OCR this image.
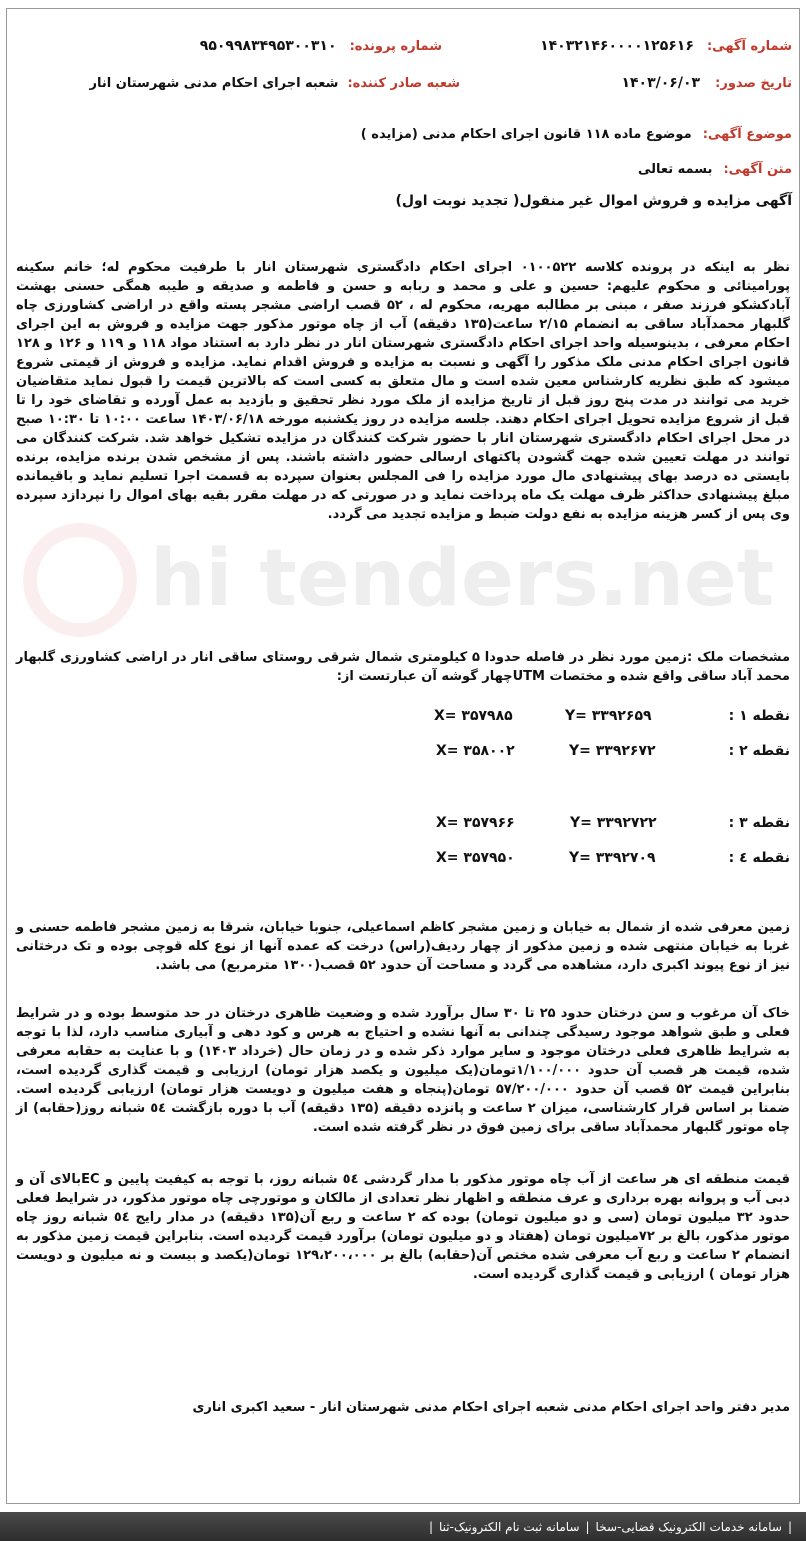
شماره آگهی: ۱۴۰۳۲۱۴۶۰۰۰۰۱۲۵۶۱۶
شماره پرونده: ۹۵۰۹۹۸۳۴۹۵۳۰۰۳۱۰
تاریخ صدور: ۱۴۰۳/۰۶/۰۳
شعبه صادر کننده: شعبه اجرای احکام مدنی شهرستان انار
موضوع آگهی: موضوع ماده ۱۱۸ قانون اجرای احکام مدنی (مزایده )
متن آگهی: بسمه تعالی
آگهی مزایده و فروش اموال غیر منقول( تجدید نوبت اول)
hi tenders.net
نظر به اینکه در پرونده کلاسه ۰۱۰۰۵۲۲ اجرای احکام دادگستری شهرستان انار با طرفیت محکوم له؛ خانم سکینه پورامینائی و محکوم علیهم: حسین و علی و محمد و ربابه و حسن و فاطمه و صدیقه و طیبه همگی حسنی بهشت آبادکشکو فرزند صفر ، مبنی بر مطالبه مهریه، محکوم له ، ۵۲ قصب اراضی مشجر پسته واقع در اراضی کشاورزی چاه گلبهار محمدآباد ساقی به انضمام ۲/۱۵ ساعت(۱۳۵ دقیقه) آب از چاه موتور مذکور جهت مزایده و فروش به این اجرای احکام معرفی ، بدینوسیله واحد اجرای احکام دادگستری شهرستان انار در نظر دارد به استناد مواد ۱۱۸ و ۱۱۹ و ۱۲۶ و ۱۲۸ قانون اجرای احکام مدنی ملک مذکور را آگهی و نسبت به مزایده و فروش اقدام نماید. مزایده و فروش از قیمتی شروع میشود که طبق نظریه کارشناس معین شده است و مال متعلق به کسی است که بالاترین قیمت را قبول نماید متقاضیان خرید می توانند در مدت پنج روز قبل از تاریخ مزایده از ملک مورد نظر تحقیق و بازدید به عمل آورده و تقاضای خود را تا قبل از شروع مزایده تحویل اجرای احکام دهند. جلسه مزایده در روز یکشنبه مورخه ۱۴۰۳/۰۶/۱۸ ساعت ۱۰:۰۰ تا ۱۰:۳۰ صبح در محل اجرای احکام دادگستری شهرستان انار با حضور شرکت کنندگان در مزایده تشکیل خواهد شد. شرکت کنندگان می توانند در مهلت تعیین شده جهت گشودن پاکتهای ارسالی حضور داشته باشند. پس از مشخص شدن برنده مزایده، برنده بایستی ده درصد بهای پیشنهادی مال مورد مزایده را فی المجلس بعنوان سپرده به قسمت اجرا تسلیم نماید و باقیمانده مبلغ پیشنهادی حداکثر ظرف مهلت یک ماه پرداخت نماید و در صورتی که در مهلت مقرر بقیه بهای اموال را نپردازد سپرده وی پس از کسر هزینه مزایده به نفع دولت ضبط و مزایده تجدید می گردد.
مشخصات ملک :زمین مورد نظر در فاصله حدودا ۵ کیلومتری شمال شرقی روستای ساقی انار در اراضی کشاورزی گلبهار محمد آباد ساقی واقع شده و مختصات UTMچهار گوشه آن عبارتست از:
نقطه ۱ :
Y= ۳۳۹۲۶۵۹
X= ۳۵۷۹۸۵
نقطه ۲ :
Y= ۳۳۹۲۶۷۲
X= ۳۵۸۰۰۲
نقطه ۳ :
Y= ۳۳۹۲۷۲۲
X= ۳۵۷۹۶۶
نقطه ٤ :
Y= ۳۳۹۲۷۰۹
X= ۳۵۷۹۵۰
زمین معرفی شده از شمال به خیابان و زمین مشجر کاظم اسماعیلی، جنوبا خیابان، شرقا به زمین مشجر فاطمه حسنی و غربا به خیابان منتهی شده و زمین مذکور از چهار ردیف(راس) درخت که عمده آنها از نوع کله قوچی بوده و تک درختانی نیز از نوع پیوند اکبری دارد، مشاهده می گردد و مساحت آن حدود ۵۲ قصب(۱۳۰۰ مترمربع) می باشد.
خاک آن مرغوب و سن درختان حدود ۲۵ تا ۳۰ سال برآورد شده و وضعیت ظاهری درختان در حد متوسط بوده و در شرایط فعلی و طبق شواهد موجود رسیدگی چندانی به آنها نشده و احتیاج به هرس و کود دهی و آبیاری مناسب دارد، لذا با توجه به شرایط ظاهری فعلی درختان موجود و سایر موارد ذکر شده و در زمان حال (خرداد ۱۴۰۳) و با عنایت به حقابه معرفی شده، قیمت هر قصب آن حدود ۱/۱۰۰/۰۰۰تومان(یک میلیون و یکصد هزار تومان) ارزیابی و قیمت گذاری گردیده است، بنابراین قیمت ۵۲ قصب آن حدود ۵۷/۲۰۰/۰۰۰ تومان(پنجاه و هفت میلیون و دویست هزار تومان) ارزیابی گردیده است. ضمنا بر اساس قرار کارشناسی، میزان ۲ ساعت و پانزده دقیقه (۱۳۵ دقیقه) آب با دوره بازگشت ٥٤ شبانه روز(حقابه) از چاه موتور گلبهار محمدآباد ساقی برای زمین فوق در نظر گرفته شده است.
قیمت منطقه ای هر ساعت از آب چاه موتور مذکور با مدار گردشی ٥٤ شبانه روز، با توجه به کیفیت پایین و ECبالای آن و دبی آب و پروانه بهره برداری و عرف منطقه و اظهار نظر تعدادی از مالکان و موتورچی چاه موتور مذکور، در شرایط فعلی حدود ۳۲ میلیون تومان (سی و دو میلیون تومان) بوده که ۲ ساعت و ربع آن(۱۳۵ دقیقه) در مدار رایج ٥٤ شبانه روز چاه موتور مذکور، بالغ بر ۷۲میلیون تومان (هفتاد و دو میلیون تومان) برآورد قیمت گردیده است. بنابراین قیمت زمین مذکور به انضمام ۲ ساعت و ربع آب معرفی شده مختص آن(حقابه) بالغ بر ۱۲۹،۲۰۰،۰۰۰ تومان(یکصد و بیست و نه میلیون و دویست هزار تومان ) ارزیابی و قیمت گذاری گردیده است.
مدیر دفتر واحد اجرای احکام مدنی شعبه اجرای احکام مدنی شهرستان انار - سعید اکبری اناری
|
سامانه خدمات الکترونیک قضایی-سخا
|
سامانه ثبت نام الکترونیک-ثنا
|
